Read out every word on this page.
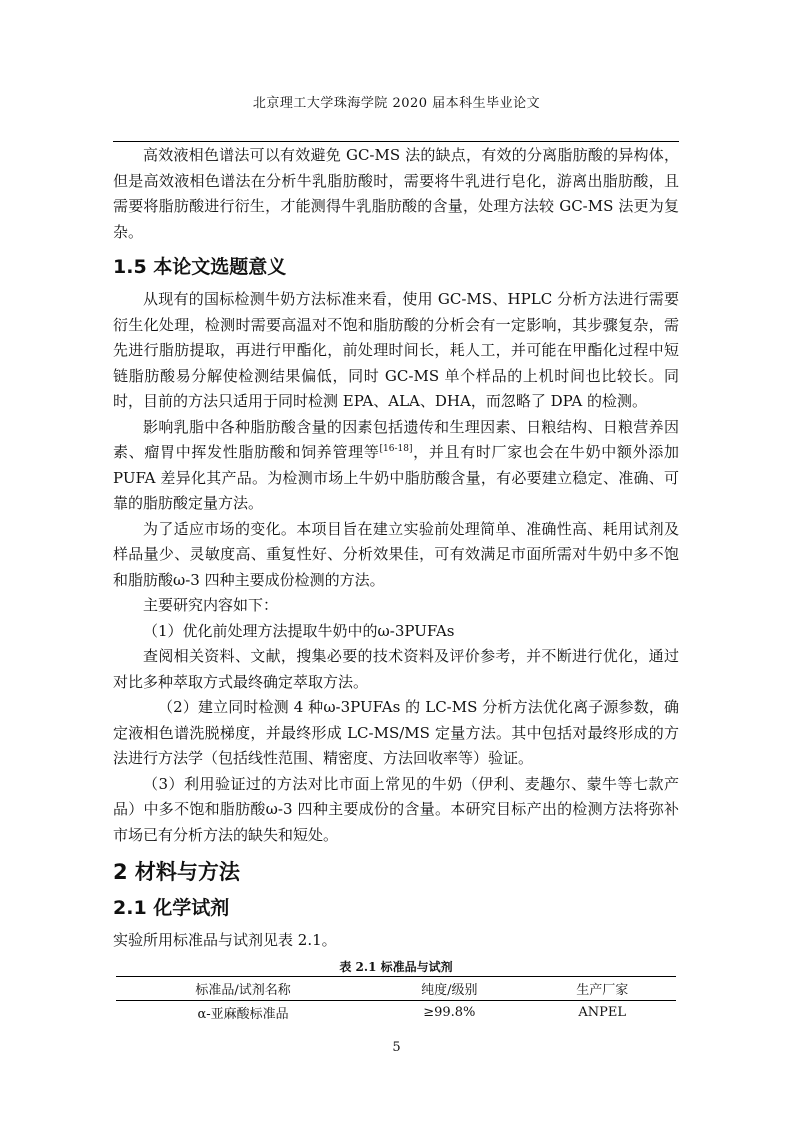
北京理工大学珠海学院 2020 届本科生毕业论文

高效液相色谱法可以有效避免 GC-MS 法的缺点，有效的分离脂肪酸的异构体，但是高效液相色谱法在分析牛乳脂肪酸时，需要将牛乳进行皂化，游离出脂肪酸，且需要将脂肪酸进行衍生，才能测得牛乳脂肪酸的含量，处理方法较 GC-MS 法更为复杂。

1.5 本论文选题意义

从现有的国标检测牛奶方法标准来看，使用 GC-MS、HPLC 分析方法进行需要衍生化处理，检测时需要高温对不饱和脂肪酸的分析会有一定影响，其步骤复杂，需先进行脂肪提取，再进行甲酯化，前处理时间长，耗人工，并可能在甲酯化过程中短链脂肪酸易分解使检测结果偏低，同时 GC-MS 单个样品的上机时间也比较长。同时，目前的方法只适用于同时检测 EPA、ALA、DHA，而忽略了 DPA 的检测。

影响乳脂中各种脂肪酸含量的因素包括遗传和生理因素、日粮结构、日粮营养因素、瘤胃中挥发性脂肪酸和饲养管理等[16-18]，并且有时厂家也会在牛奶中额外添加 PUFA 差异化其产品。为检测市场上牛奶中脂肪酸含量，有必要建立稳定、准确、可靠的脂肪酸定量方法。

为了适应市场的变化。本项目旨在建立实验前处理简单、准确性高、耗用试剂及样品量少、灵敏度高、重复性好、分析效果佳，可有效满足市面所需对牛奶中多不饱和脂肪酸ω-3 四种主要成份检测的方法。

主要研究内容如下：

（1）优化前处理方法提取牛奶中的ω-3PUFAs

查阅相关资料、文献，搜集必要的技术资料及评价参考，并不断进行优化，通过对比多种萃取方式最终确定萃取方法。

（2）建立同时检测 4 种ω-3PUFAs 的 LC-MS 分析方法优化离子源参数，确定液相色谱洗脱梯度，并最终形成 LC-MS/MS 定量方法。其中包括对最终形成的方法进行方法学（包括线性范围、精密度、方法回收率等）验证。

（3）利用验证过的方法对比市面上常见的牛奶（伊利、麦趣尔、蒙牛等七款产品）中多不饱和脂肪酸ω-3 四种主要成份的含量。本研究目标产出的检测方法将弥补市场已有分析方法的缺失和短处。

2 材料与方法
2.1 化学试剂

实验所用标准品与试剂见表 2.1。

表 2.1 标准品与试剂
标准品/试剂名称	纯度/级别	生产厂家
α-亚麻酸标准品	≥99.8%	ANPEL
5
